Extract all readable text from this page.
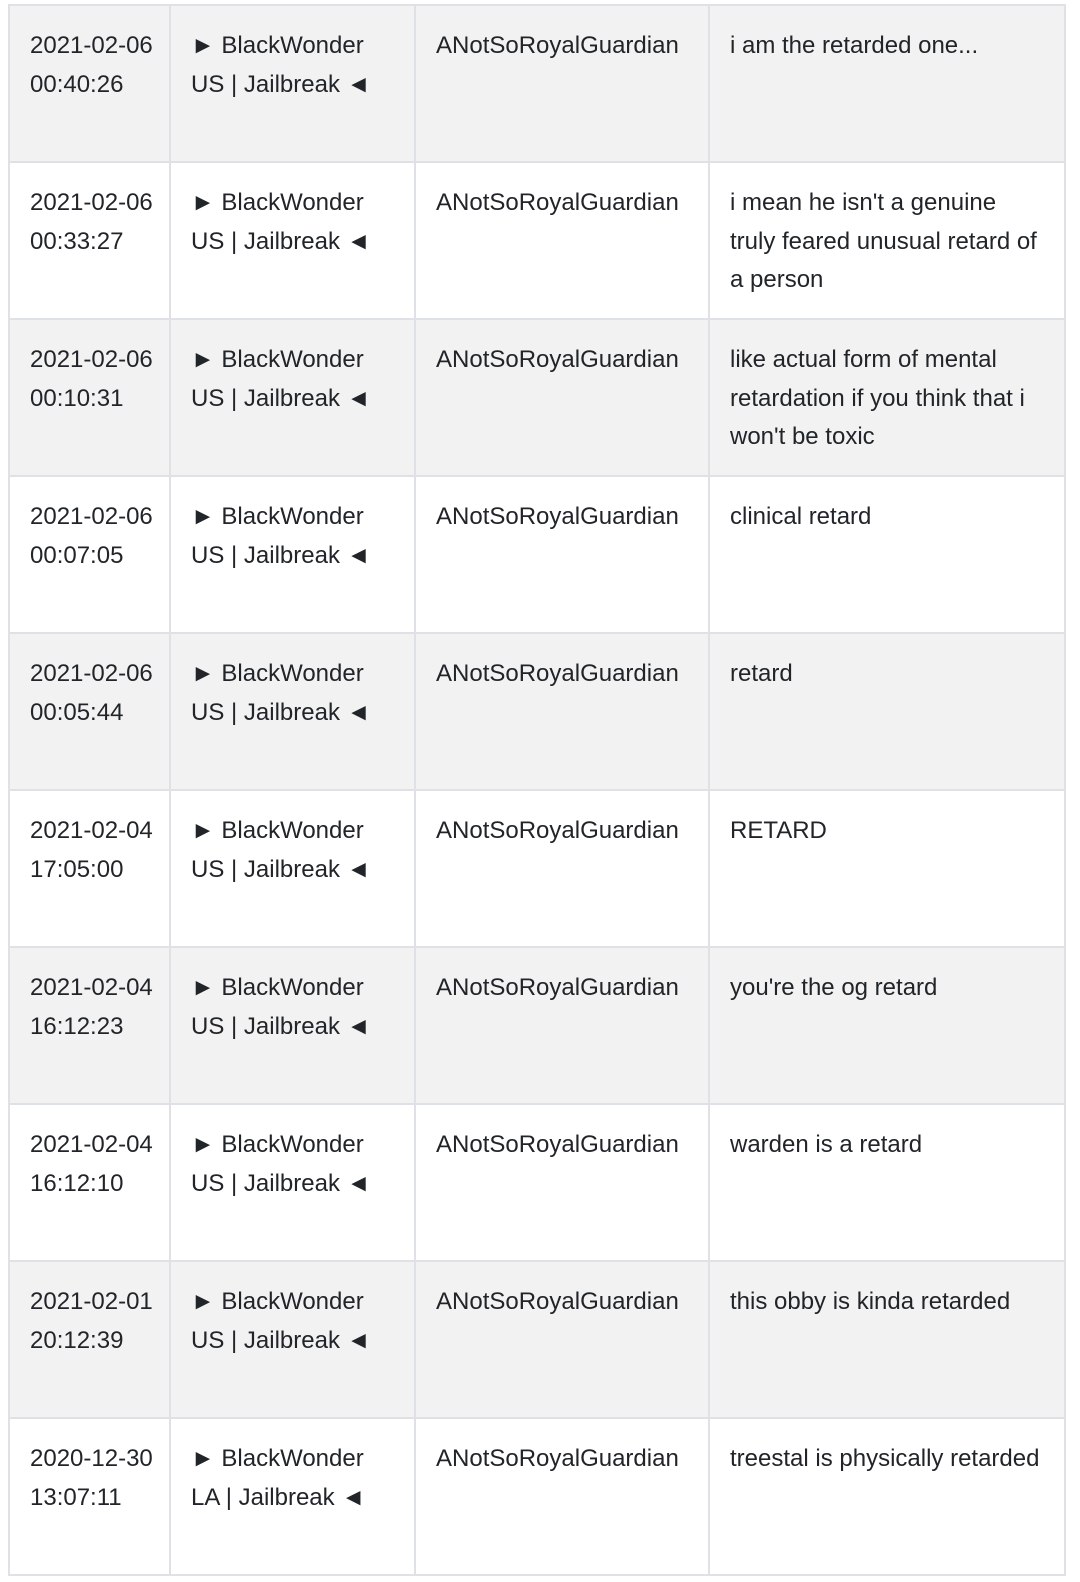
2021-02-06 00:40:26	► BlackWonder US | Jailbreak ◄	ANotSoRoyalGuardian	i am the retarded one...
2021-02-06 00:33:27	► BlackWonder US | Jailbreak ◄	ANotSoRoyalGuardian	i mean he isn't a genuine truly feared unusual retard of a person
2021-02-06 00:10:31	► BlackWonder US | Jailbreak ◄	ANotSoRoyalGuardian	like actual form of mental retardation if you think that i won't be toxic
2021-02-06 00:07:05	► BlackWonder US | Jailbreak ◄	ANotSoRoyalGuardian	clinical retard
2021-02-06 00:05:44	► BlackWonder US | Jailbreak ◄	ANotSoRoyalGuardian	retard
2021-02-04 17:05:00	► BlackWonder US | Jailbreak ◄	ANotSoRoyalGuardian	RETARD
2021-02-04 16:12:23	► BlackWonder US | Jailbreak ◄	ANotSoRoyalGuardian	you're the og retard
2021-02-04 16:12:10	► BlackWonder US | Jailbreak ◄	ANotSoRoyalGuardian	warden is a retard
2021-02-01 20:12:39	► BlackWonder US | Jailbreak ◄	ANotSoRoyalGuardian	this obby is kinda retarded
2020-12-30 13:07:11	► BlackWonder LA | Jailbreak ◄	ANotSoRoyalGuardian	treestal is physically retarded
